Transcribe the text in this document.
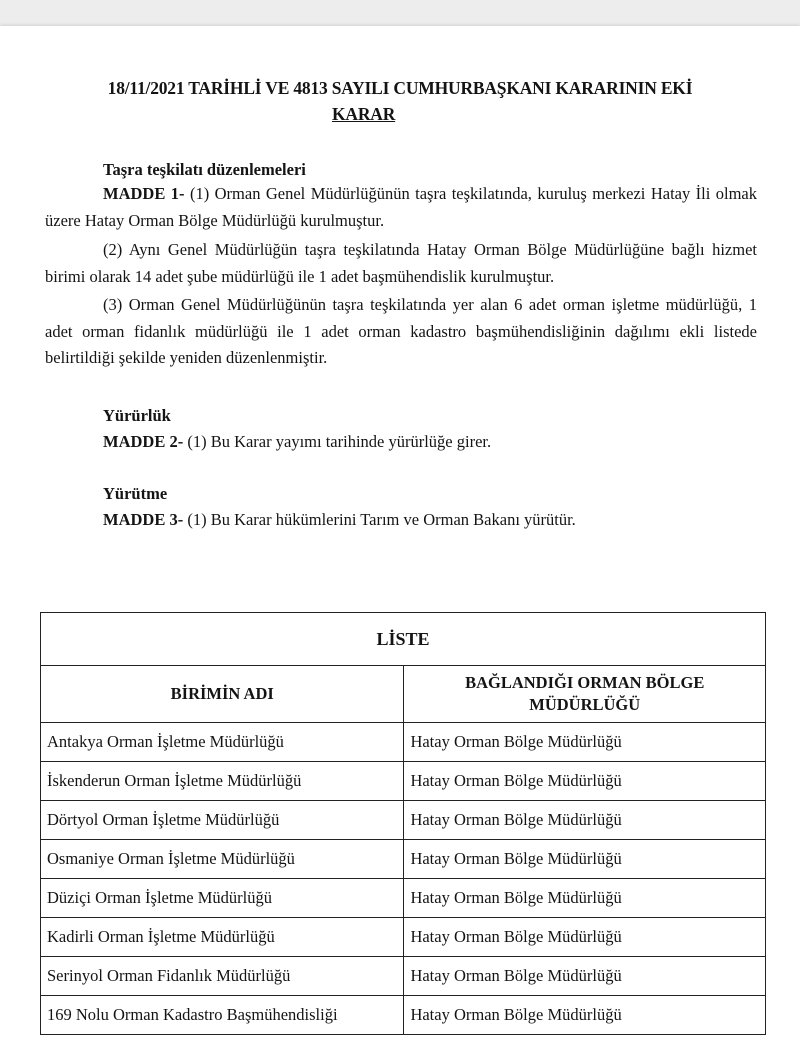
18/11/2021 TARİHLİ VE 4813 SAYILI CUMHURBAŞKANI KARARININ EKİ
KARAR
Taşra teşkilatı düzenlemeleri
MADDE 1- (1) Orman Genel Müdürlüğünün taşra teşkilatında, kuruluş merkezi Hatay İli olmak üzere Hatay Orman Bölge Müdürlüğü kurulmuştur.
(2) Aynı Genel Müdürlüğün taşra teşkilatında Hatay Orman Bölge Müdürlüğüne bağlı hizmet birimi olarak 14 adet şube müdürlüğü ile 1 adet başmühendislik kurulmuştur.
(3) Orman Genel Müdürlüğünün taşra teşkilatında yer alan 6 adet orman işletme müdürlüğü, 1 adet orman fidanlık müdürlüğü ile 1 adet orman kadastro başmühendisliğinin dağılımı ekli listede belirtildiği şekilde yeniden düzenlenmiştir.
Yürürlük
MADDE 2- (1) Bu Karar yayımı tarihinde yürürlüğe girer.
Yürütme
MADDE 3- (1) Bu Karar hükümlerini Tarım ve Orman Bakanı yürütür.
LİSTE	
BİRİMİN ADI	BAĞLANDIĞI ORMAN BÖLGE
MÜDÜRLÜĞÜ
Antakya Orman İşletme Müdürlüğü	Hatay Orman Bölge Müdürlüğü
İskenderun Orman İşletme Müdürlüğü	Hatay Orman Bölge Müdürlüğü
Dörtyol Orman İşletme Müdürlüğü	Hatay Orman Bölge Müdürlüğü
Osmaniye Orman İşletme Müdürlüğü	Hatay Orman Bölge Müdürlüğü
Düziçi Orman İşletme Müdürlüğü	Hatay Orman Bölge Müdürlüğü
Kadirli Orman İşletme Müdürlüğü	Hatay Orman Bölge Müdürlüğü
Serinyol Orman Fidanlık Müdürlüğü	Hatay Orman Bölge Müdürlüğü
169 Nolu Orman Kadastro Başmühendisliği	Hatay Orman Bölge Müdürlüğü
